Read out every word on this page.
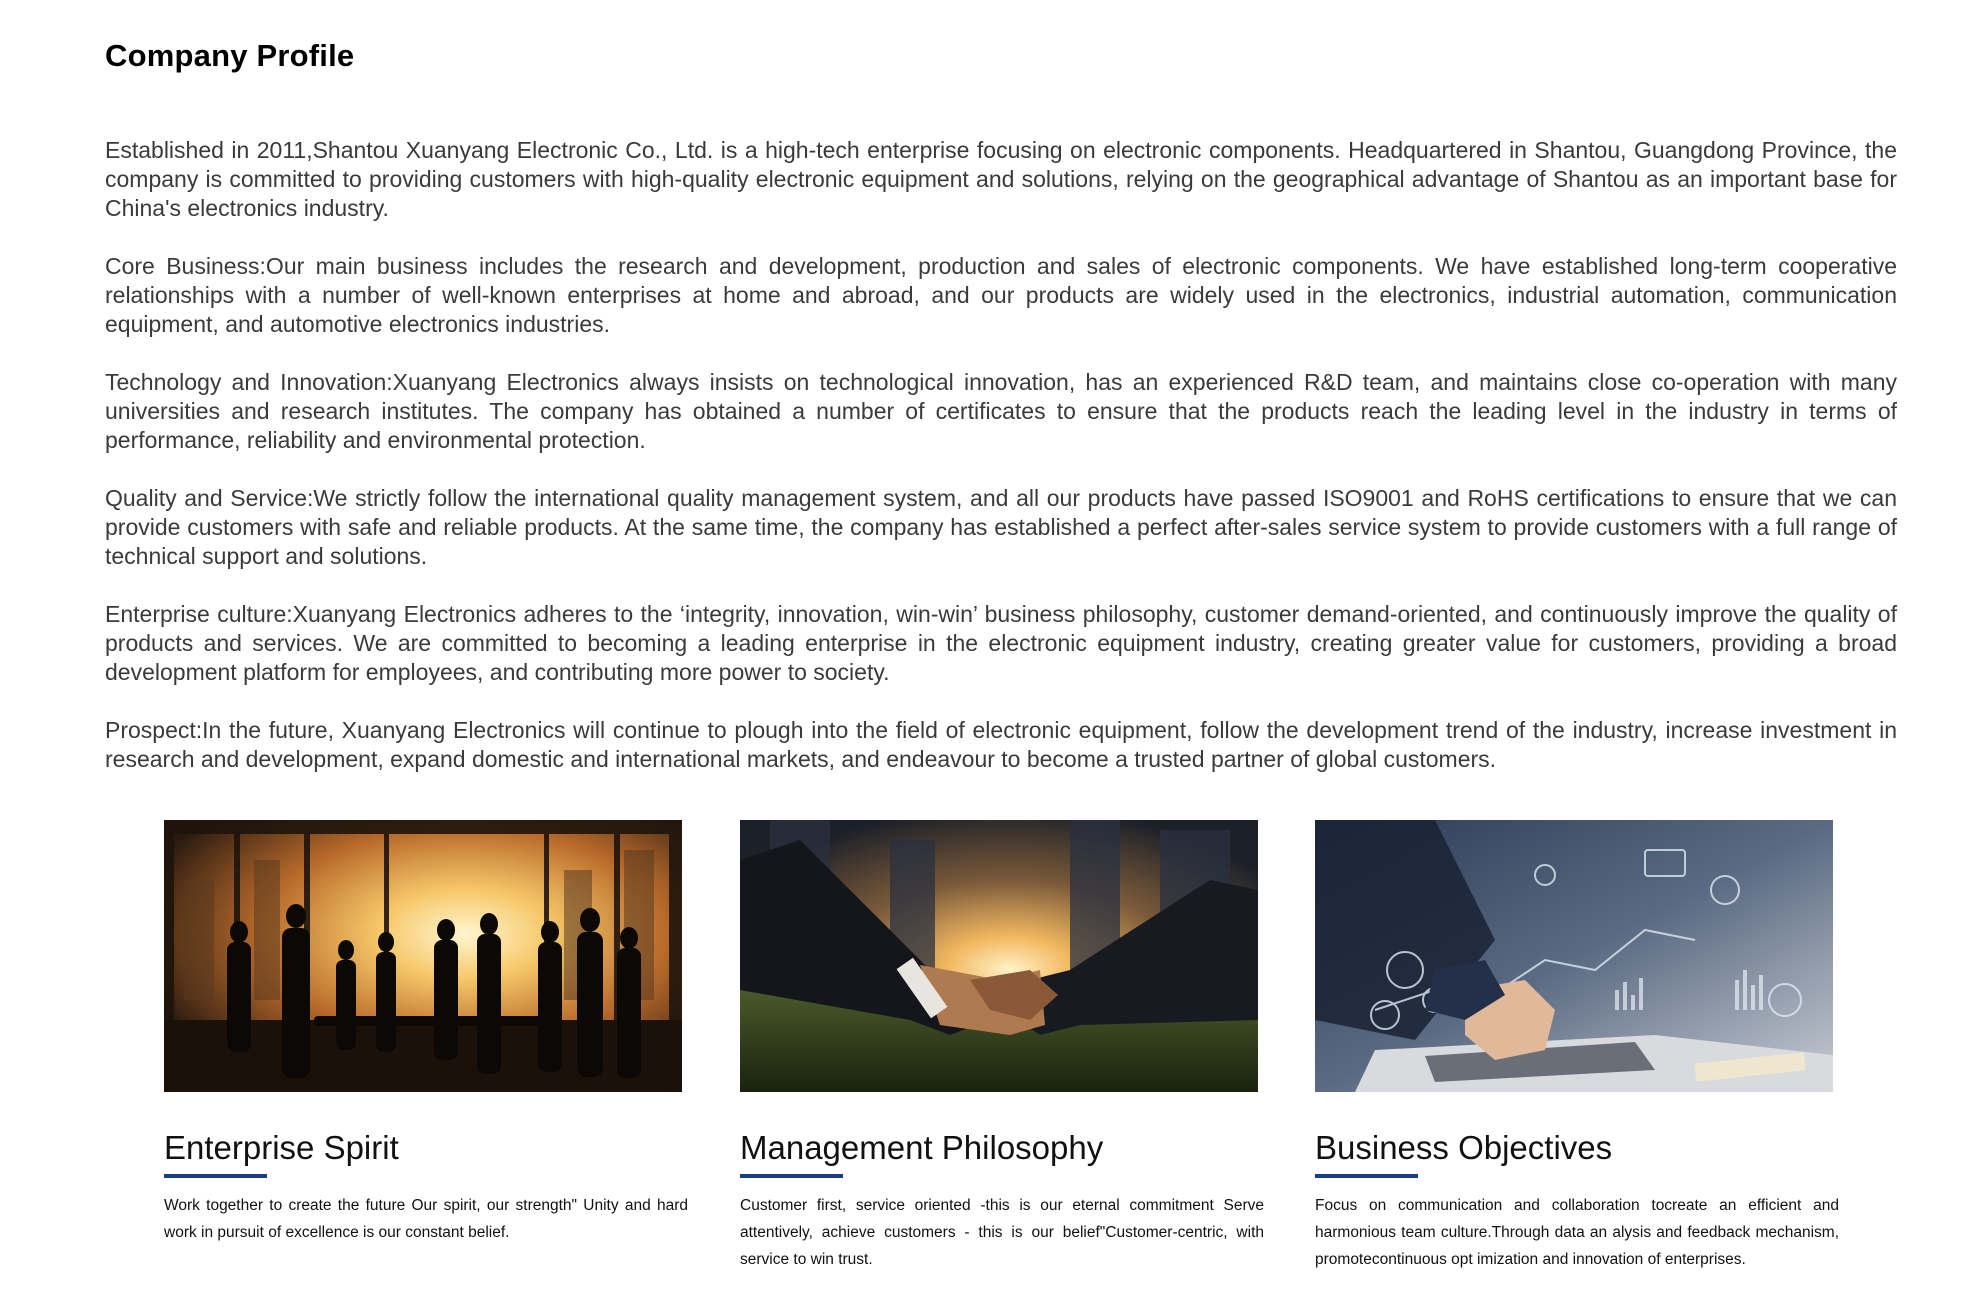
Company Profile

Established in 2011,Shantou Xuanyang Electronic Co., Ltd. is a high-tech enterprise focusing on electronic components. Headquartered in Shantou, Guangdong Province, the company is committed to providing customers with high-quality electronic equipment and solutions, relying on the geographical advantage of Shantou as an important base for China's electronics industry.

Core Business:Our main business includes the research and development, production and sales of electronic components. We have established long-term cooperative relationships with a number of well-known enterprises at home and abroad, and our products are widely used in the electronics, industrial automation, communication equipment, and automotive electronics industries.

Technology and Innovation:Xuanyang Electronics always insists on technological innovation, has an experienced R&D team, and maintains close co-operation with many universities and research institutes. The company has obtained a number of certificates to ensure that the products reach the leading level in the industry in terms of performance, reliability and environmental protection.

Quality and Service:We strictly follow the international quality management system, and all our products have passed ISO9001 and RoHS certifications to ensure that we can provide customers with safe and reliable products. At the same time, the company has established a perfect after-sales service system to provide customers with a full range of technical support and solutions.

Enterprise culture:Xuanyang Electronics adheres to the ‘integrity, innovation, win-win’ business philosophy, customer demand-oriented, and continuously improve the quality of products and services. We are committed to becoming a leading enterprise in the electronic equipment industry, creating greater value for customers, providing a broad development platform for employees, and contributing more power to society.

Prospect:In the future, Xuanyang Electronics will continue to plough into the field of electronic equipment, follow the development trend of the industry, increase investment in research and development, expand domestic and international markets, and endeavour to become a trusted partner of global customers.

Enterprise Spirit

Work together to create the future Our spirit, our strength" Unity and hard work in pursuit of excellence is our constant belief.

Management Philosophy

Customer first, service oriented -this is our eternal commitment Serve attentively, achieve customers - this is our belief"Customer-centric, with service to win trust.

Business Objectives

Focus on communication and collaboration tocreate an efficient and harmonious team culture.Through data an alysis and feedback mechanism, promotecontinuous opt imization and innovation of enterprises.
